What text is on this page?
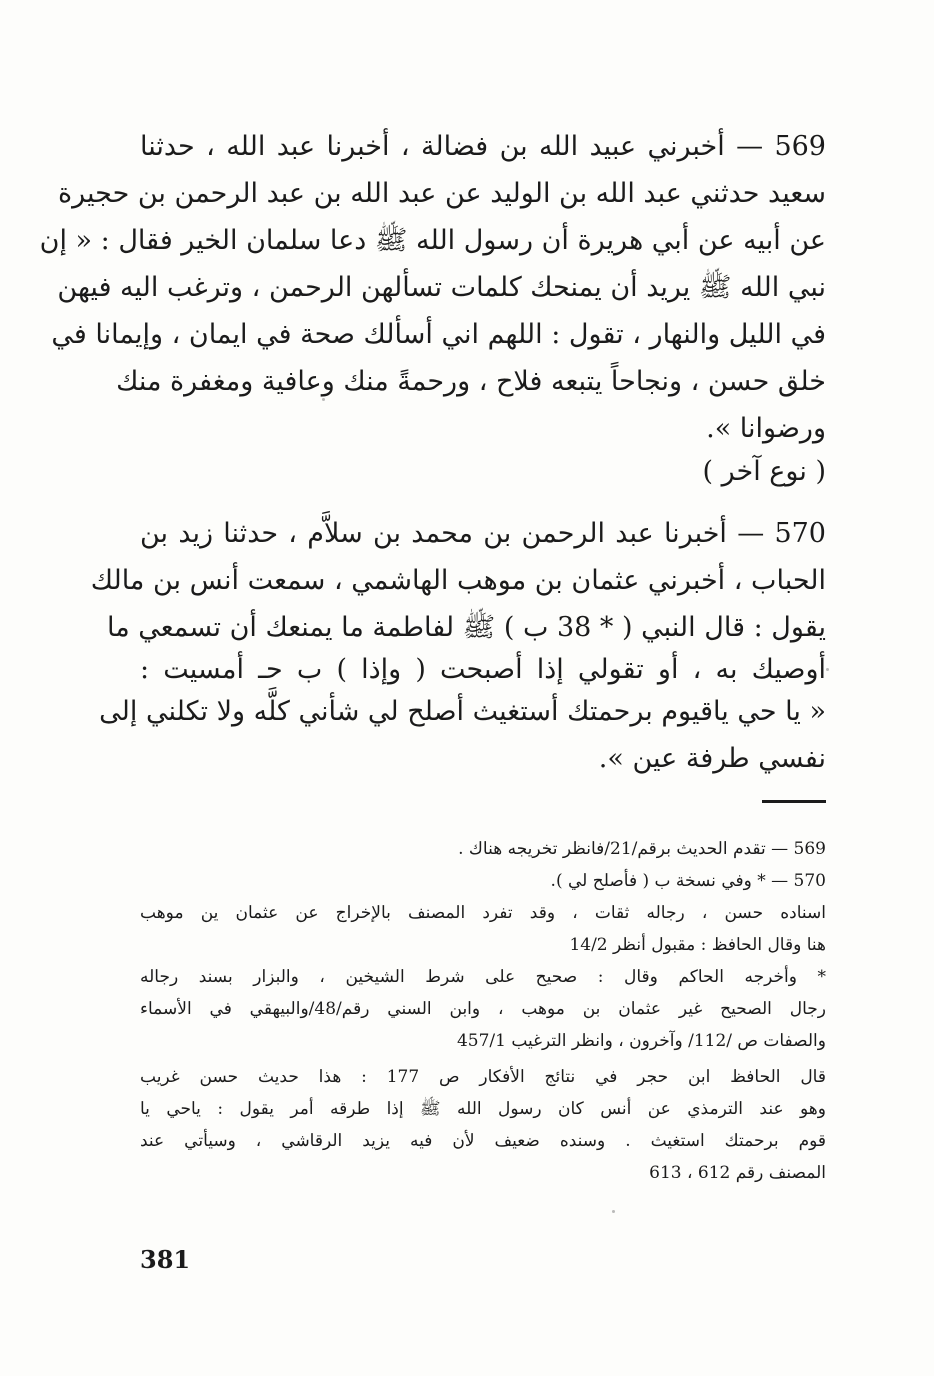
569 — أخبرني عبيد الله بن فضالة ، أخبرنا عبد الله ، حدثنا
سعيد حدثني عبد الله بن الوليد عن عبد الله بن عبد الرحمن بن حجيرة
عن أبيه عن أبي هريرة أن رسول الله ﷺ دعا سلمان الخير فقال : « إن
نبي الله ﷺ يريد أن يمنحك كلمات تسألهن الرحمن ، وترغب اليه فيهن
في الليل والنهار ، تقول : اللهم اني أسألك صحة في ايمان ، وإيمانا في
خلق حسن ، ونجاحاً يتبعه فلاح ، ورحمةً منك وعافية ومغفرة منك
ورضوانا ».
( نوع آخر )
570 — أخبرنا عبد الرحمن بن محمد بن سلاَّم ، حدثنا زيد بن
الحباب ، أخبرني عثمان بن موهب الهاشمي ، سمعت أنس بن مالك
يقول : قال النبي ( * 38 ب ) ﷺ لفاطمة ما يمنعك أن تسمعي ما
أوصيك به ، أو تقولي إذا أصبحت ( وإذا ) ب حـ أمسيت :
« يا حي ياقيوم برحمتك أستغيث أصلح لي شأني كلَّه ولا تكلني إلى
نفسي طرفة عين ».
569 — تقدم الحديث برقم/21/فانظر تخريجه هناك .
570 — * وفي نسخة ب ( فأصلح لي ).
اسناده حسن ، رجاله ثقات ، وقد تفرد المصنف بالإخراج عن عثمان ين موهب
هنا وقال الحافظ : مقبول أنظر 14/2
* وأخرجه الحاكم وقال : صحيح على شرط الشيخين ، والبزار بسند رجاله
رجال الصحيح غير عثمان بن موهب ، وابن السني رقم/48/والبيهقي في الأسماء
والصفات ص /112/ وآخرون ، وانظر الترغيب 457/1
قال الحافظ ابن حجر في نتائج الأفكار ص 177 : هذا حديث حسن غريب
وهو عند الترمذي عن أنس كان رسول الله ﷺ إذا طرقه أمر يقول : ياحي يا
قوم برحمتك استغيث . وسنده ضعيف لأن فيه يزيد الرقاشي ، وسيأتي عند
المصنف رقم 612 ، 613
381
